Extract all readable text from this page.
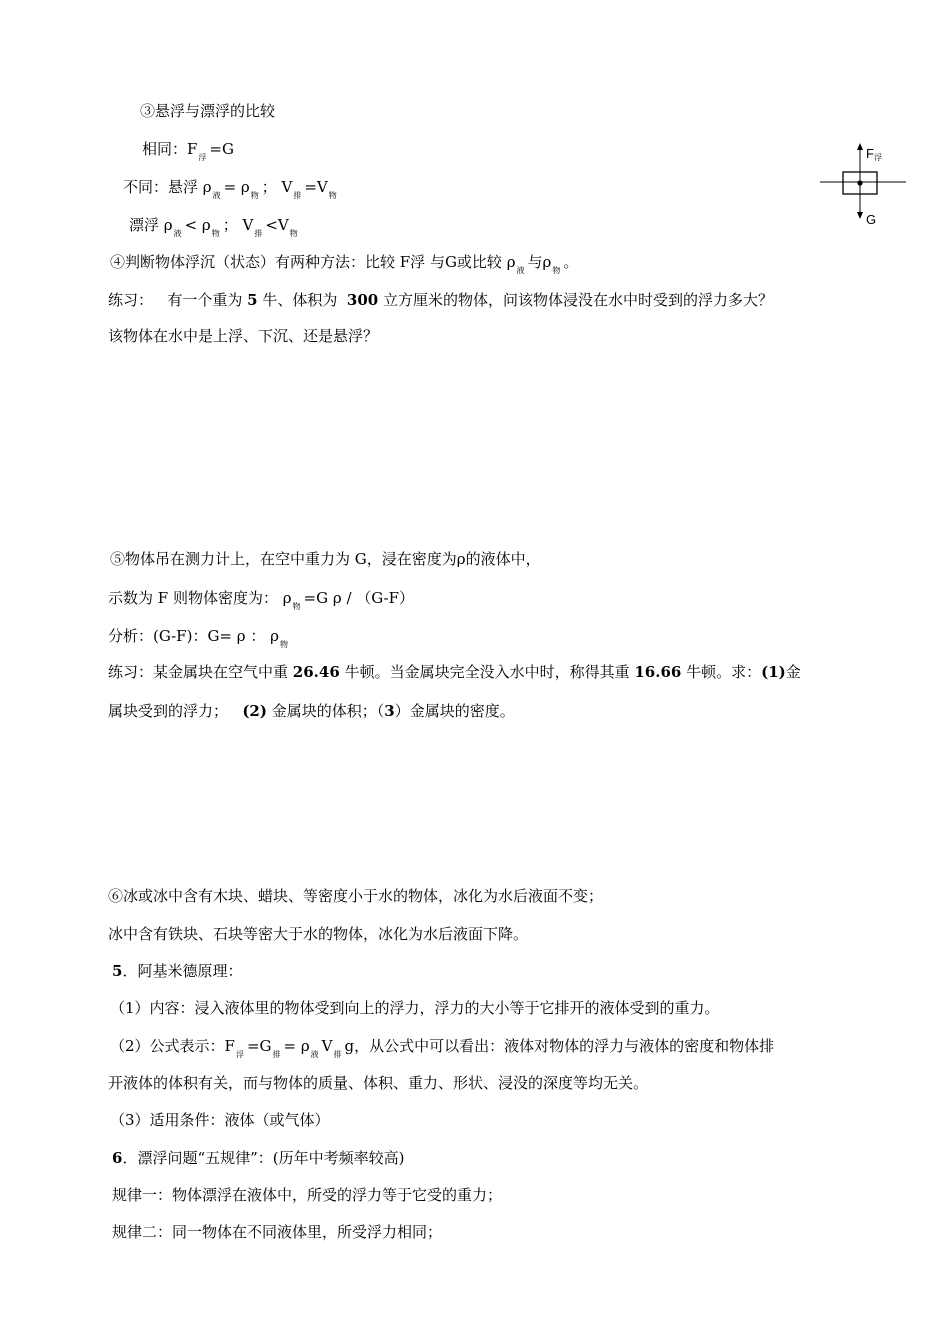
③悬浮与漂浮的比较
相同：$F_浮 =G$
不同：悬浮 $\rho_液 = \rho_物$ ； $V_排 =V_物$
漂浮 $\rho_液 < \rho_物$ ； $V_排 <V_物$
④判断物体浮沉（状态）有两种方法：比较 F浮 与G或比较 $\rho_液$ 与$\rho_物$ 。
练习： 有一个重为 5 牛、体积为 300 立方厘米的物体，问该物体浸没在水中时受到的浮力多大？
该物体在水中是上浮、下沉、还是悬浮？
⑤物体吊在测力计上，在空中重力为 G，浸在密度为ρ的液体中，
示数为 F 则物体密度为： $\rho_物 =G$ ρ / （G-F）
分析：(G-F)：G= ρ ： $\rho_物$
练习：某金属块在空气中重 26.46 牛顿。当金属块完全没入水中时，称得其重 16.66 牛顿。求：(1)金
属块受到的浮力； (2) 金属块的体积；（3）金属块的密度。
⑥冰或冰中含有木块、蜡块、等密度小于水的物体，冰化为水后液面不变；
冰中含有铁块、石块等密大于水的物体，冰化为水后液面下降。
5．阿基米德原理：
（1）内容：浸入液体里的物体受到向上的浮力，浮力的大小等于它排开的液体受到的重力。
（2）公式表示：$F_浮 =G_排 = \rho_液$ $V_排$ g，从公式中可以看出：液体对物体的浮力与液体的密度和物体排
开液体的体积有关，而与物体的质量、体积、重力、形状、浸没的深度等均无关。
（3）适用条件：液体（或气体）
6．漂浮问题“五规律”：(历年中考频率较高)
规律一：物体漂浮在液体中，所受的浮力等于它受的重力；
规律二：同一物体在不同液体里，所受浮力相同；
F浮
G
